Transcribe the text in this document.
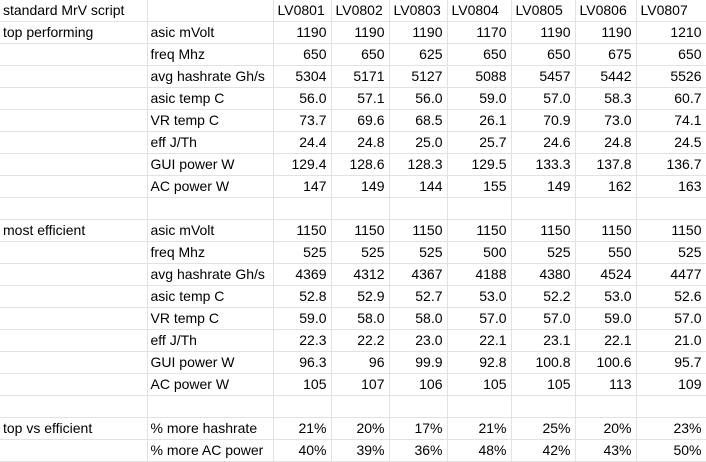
standard MrV script		LV0801	LV0802	LV0803	LV0804	LV0805	LV0806	LV0807
top performing	asic mVolt	1190	1190	1190	1170	1190	1190	1210
	freq Mhz	650	650	625	650	650	675	650
	avg hashrate Gh/s	5304	5171	5127	5088	5457	5442	5526
	asic temp C	56.0	57.1	56.0	59.0	57.0	58.3	60.7
	VR temp C	73.7	69.6	68.5	26.1	70.9	73.0	74.1
	eff J/Th	24.4	24.8	25.0	25.7	24.6	24.8	24.5
	GUI power W	129.4	128.6	128.3	129.5	133.3	137.8	136.7
	AC power W	147	149	144	155	149	162	163

most efficient	asic mVolt	1150	1150	1150	1150	1150	1150	1150
	freq Mhz	525	525	525	500	525	550	525
	avg hashrate Gh/s	4369	4312	4367	4188	4380	4524	4477
	asic temp C	52.8	52.9	52.7	53.0	52.2	53.0	52.6
	VR temp C	59.0	58.0	58.0	57.0	57.0	59.0	57.0
	eff J/Th	22.3	22.2	23.0	22.1	23.1	22.1	21.0
	GUI power W	96.3	96	99.9	92.8	100.8	100.6	95.7
	AC power W	105	107	106	105	105	113	109

top vs efficient	% more hashrate	21%	20%	17%	21%	25%	20%	23%
	% more AC power	40%	39%	36%	48%	42%	43%	50%
